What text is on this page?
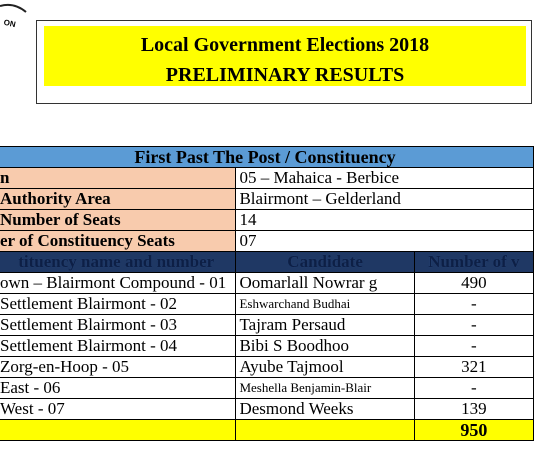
ON
Local Government Elections 2018
PRELIMINARY RESULTS
First Past The Post / Constituency		
n	05 – Mahaica - Berbice	
Authority Area	Blairmont – Gelderland	
Number of Seats	14	
er of Constituency Seats	07	
tituency name and number	Candidate	Number of v
own – Blairmont Compound - 01	Oomarlall Nowrar g	490
Settlement Blairmont - 02	Eshwarchand Budhai	-
Settlement Blairmont - 03	Tajram Persaud	-
Settlement Blairmont - 04	Bibi S Boodhoo	-
Zorg-en-Hoop - 05	Ayube Tajmool	321
East - 06	Meshella Benjamin-Blair	-
West - 07	Desmond Weeks	139
		950
